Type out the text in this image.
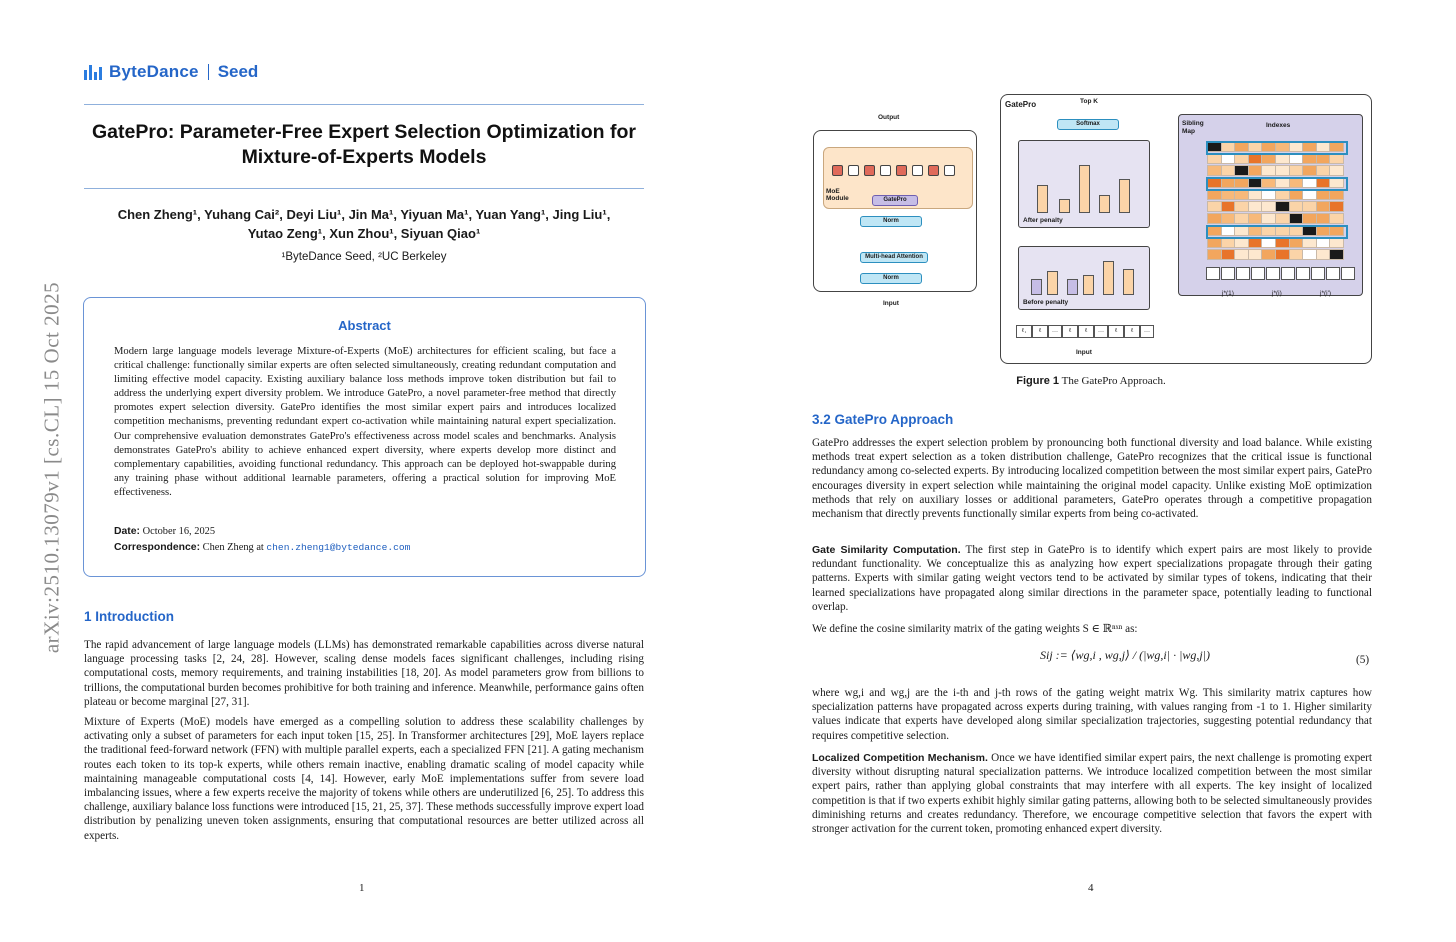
arXiv:2510.13079v1 [cs.CL] 15 Oct 2025
ByteDance Seed
GatePro: Parameter-Free Expert Selection Optimization for Mixture-of-Experts Models
Chen Zheng¹, Yuhang Cai², Deyi Liu¹, Jin Ma¹, Yiyuan Ma¹, Yuan Yang¹, Jing Liu¹,
Yutao Zeng¹, Xun Zhou¹, Siyuan Qiao¹
¹ByteDance Seed, ²UC Berkeley
Abstract

Modern large language models leverage Mixture-of-Experts (MoE) architectures for efficient scaling, but face a critical challenge: functionally similar experts are often selected simultaneously, creating redundant computation and limiting effective model capacity. Existing auxiliary balance loss methods improve token distribution but fail to address the underlying expert diversity problem. We introduce GatePro, a novel parameter-free method that directly promotes expert selection diversity. GatePro identifies the most similar expert pairs and introduces localized competition mechanisms, preventing redundant expert co-activation while maintaining natural expert specialization. Our comprehensive evaluation demonstrates GatePro's effectiveness across model scales and benchmarks. Analysis demonstrates GatePro's ability to achieve enhanced expert diversity, where experts develop more distinct and complementary capabilities, avoiding functional redundancy. This approach can be deployed hot-swappable during any training phase without additional learnable parameters, offering a practical solution for improving MoE effectiveness.

Date: October 16, 2025
Correspondence: Chen Zheng at chen.zheng1@bytedance.com
1 Introduction

The rapid advancement of large language models (LLMs) has demonstrated remarkable capabilities across diverse natural language processing tasks [2, 24, 28]. However, scaling dense models faces significant challenges, including rising computational costs, memory requirements, and training instabilities [18, 20]. As model parameters grow from billions to trillions, the computational burden becomes prohibitive for both training and inference. Meanwhile, performance gains often plateau or become marginal [27, 31].

Mixture of Experts (MoE) models have emerged as a compelling solution to address these scalability challenges by activating only a subset of parameters for each input token [15, 25]. In Transformer architectures [29], MoE layers replace the traditional feed-forward network (FFN) with multiple parallel experts, each a specialized FFN [21]. A gating mechanism routes each token to its top-k experts, while others remain inactive, enabling dramatic scaling of model capacity while maintaining manageable computational costs [4, 14]. However, early MoE implementations suffer from severe load imbalancing issues, where a few experts receive the majority of tokens while others are underutilized [6, 25]. To address this challenge, auxiliary balance loss functions were introduced [15, 21, 25, 37]. These methods successfully improve expert load distribution by penalizing uneven token assignments, ensuring that computational resources are better utilized across all experts.

1
MoE Module
Output
Input
GatePro
Norm
Multi-head Attention
Norm
GatePro	Top K
Softmax
After penalty
Before penalty
ℓ₁	ℓ	…	ℓ	ℓ	…	ℓ	ℓ	…
Input
Sibling Map
Indexes
j*(1)	j*(i)	j*(i')
Figure 1 The GatePro Approach.
3.2 GatePro Approach

GatePro addresses the expert selection problem by pronouncing both functional diversity and load balance. While existing methods treat expert selection as a token distribution challenge, GatePro recognizes that the critical issue is functional redundancy among co-selected experts. By introducing localized competition between the most similar expert pairs, GatePro encourages diversity in expert selection while maintaining the original model capacity. Unlike existing MoE optimization methods that rely on auxiliary losses or additional parameters, GatePro operates through a competitive propagation mechanism that directly prevents functionally similar experts from being co-activated.

Gate Similarity Computation. The first step in GatePro is to identify which expert pairs are most likely to provide redundant functionality. We conceptualize this as analyzing how expert specializations propagate through their gating patterns. Experts with similar gating weight vectors tend to be activated by similar types of tokens, indicating that their learned specializations have propagated along similar directions in the parameter space, potentially leading to functional overlap.

We define the cosine similarity matrix of the gating weights S ∈ ℝⁿˣⁿ as:

Sij := ⟨wg,i , wg,j⟩ / (|wg,i| · |wg,j|)	(5)

where wg,i and wg,j are the i-th and j-th rows of the gating weight matrix Wg. This similarity matrix captures how specialization patterns have propagated across experts during training, with values ranging from -1 to 1. Higher similarity values indicate that experts have developed along similar specialization trajectories, suggesting potential redundancy that requires competitive selection.

Localized Competition Mechanism. Once we have identified similar expert pairs, the next challenge is promoting expert diversity without disrupting natural specialization patterns. We introduce localized competition between the most similar expert pairs, rather than applying global constraints that may interfere with all experts. The key insight of localized competition is that if two experts exhibit highly similar gating patterns, allowing both to be selected simultaneously provides diminishing returns and creates redundancy. Therefore, we encourage competitive selection that favors the expert with stronger activation for the current token, promoting enhanced expert diversity.

4
